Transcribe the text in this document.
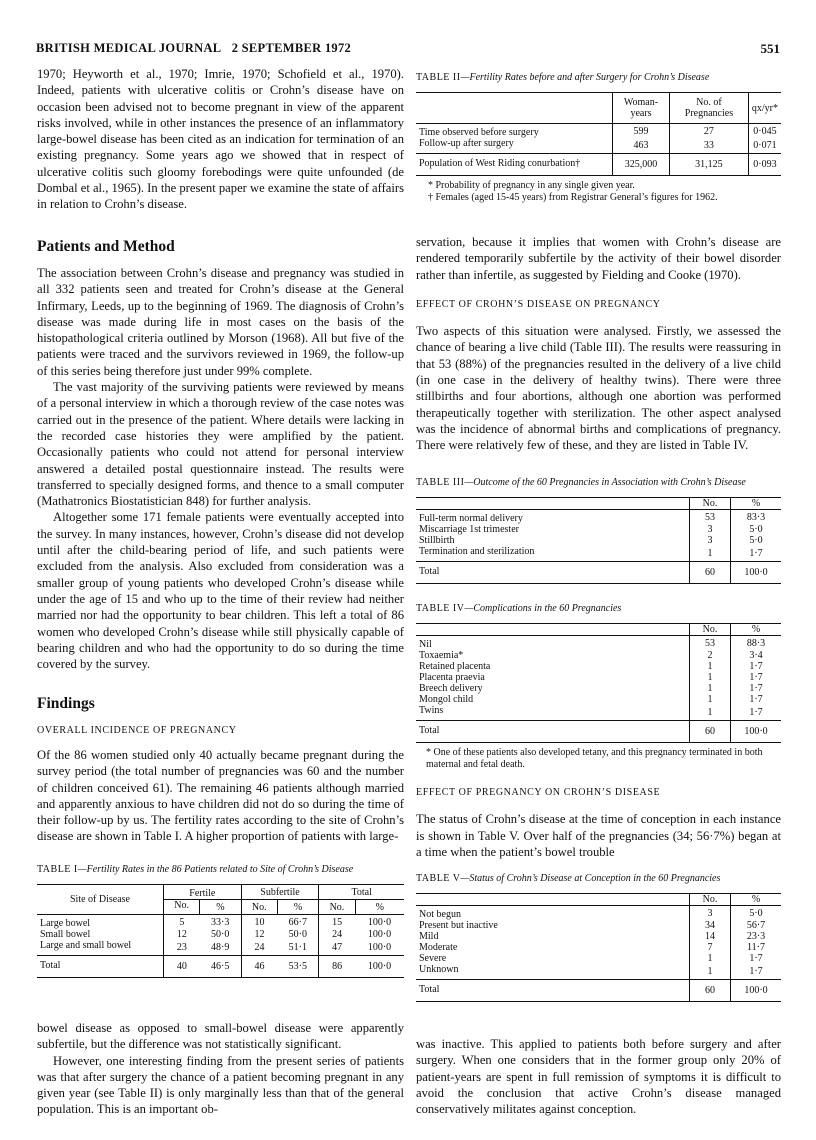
BRITISH MEDICAL JOURNAL 2 SEPTEMBER 1972	551

1970; Heyworth et al., 1970; Imrie, 1970; Schofield et al., 1970). Indeed, patients with ulcerative colitis or Crohn’s disease have on occasion been advised not to become pregnant in view of the apparent risks involved, while in other instances the presence of an inflammatory large-bowel disease has been cited as an indication for termination of an existing pregnancy. Some years ago we showed that in respect of ulcerative colitis such gloomy forebodings were quite unfounded (de Dombal et al., 1965). In the present paper we examine the state of affairs in relation to Crohn’s disease.

Patients and Method

The association between Crohn’s disease and pregnancy was studied in all 332 patients seen and treated for Crohn’s disease at the General Infirmary, Leeds, up to the beginning of 1969. The diagnosis of Crohn’s disease was made during life in most cases on the basis of the histopathological criteria outlined by Morson (1968). All but five of the patients were traced and the survivors reviewed in 1969, the follow-up of this series being therefore just under 99% complete.

The vast majority of the surviving patients were reviewed by means of a personal interview in which a thorough review of the case notes was carried out in the presence of the patient. Where details were lacking in the recorded case histories they were amplified by the patient. Occasionally patients who could not attend for personal interview answered a detailed postal questionnaire instead. The results were transferred to specially designed forms, and thence to a small computer (Mathatronics Biostatistician 848) for further analysis.

Altogether some 171 female patients were eventually accepted into the survey. In many instances, however, Crohn’s disease did not develop until after the child-bearing period of life, and such patients were excluded from the analysis. Also excluded from consideration was a smaller group of young patients who developed Crohn’s disease while under the age of 15 and who up to the time of their review had neither married nor had the opportunity to bear children. This left a total of 86 women who developed Crohn’s disease while still physically capable of bearing children and who had the opportunity to do so during the time covered by the survey.

Findings
OVERALL INCIDENCE OF PREGNANCY

Of the 86 women studied only 40 actually became pregnant during the survey period (the total number of pregnancies was 60 and the number of children conceived 61). The remaining 46 patients although married and apparently anxious to have children did not do so during the time of their follow-up by us. The fertility rates according to the site of Crohn’s disease are shown in Table I. A higher proportion of patients with large-

TABLE I—Fertility Rates in the 86 Patients related to Site of Crohn’s Disease
Site of Disease	Fertile		Subfertile		Total	
	No.	%	No.	%	No.	%
Large bowel	5	33·3	10	66·7	15	100·0
Small bowel	12	50·0	12	50·0	24	100·0
Large and small bowel	23	48·9	24	51·1	47	100·0
Total	40	46·5	46	53·5	86	100·0

bowel disease as opposed to small-bowel disease were apparently subfertile, but the difference was not statistically significant.

However, one interesting finding from the present series of patients was that after surgery the chance of a patient becoming pregnant in any given year (see Table II) is only marginally less than that of the general population. This is an important ob-

TABLE II—Fertility Rates before and after Surgery for Crohn’s Disease
	Woman-years	No. of Pregnancies	qx/yr*
Time observed before surgery	599	27	0·045
Follow-up after surgery	463	33	0·071
Population of West Riding conurbation†	325,000	31,125	0·093
* Probability of pregnancy in any single given year.
† Females (aged 15-45 years) from Registrar General’s figures for 1962.

servation, because it implies that women with Crohn’s disease are rendered temporarily subfertile by the activity of their bowel disorder rather than infertile, as suggested by Fielding and Cooke (1970).

EFFECT OF CROHN’S DISEASE ON PREGNANCY

Two aspects of this situation were analysed. Firstly, we assessed the chance of bearing a live child (Table III). The results were reassuring in that 53 (88%) of the pregnancies resulted in the delivery of a live child (in one case in the delivery of healthy twins). There were three stillbirths and four abortions, although one abortion was performed therapeutically together with sterilization. The other aspect analysed was the incidence of abnormal births and complications of pregnancy. There were relatively few of these, and they are listed in Table IV.

TABLE III—Outcome of the 60 Pregnancies in Association with Crohn’s Disease
	No.	%
Full-term normal delivery	53	83·3
Miscarriage 1st trimester	3	5·0
Stillbirth	3	5·0
Termination and sterilization	1	1·7
Total	60	100·0
TABLE IV—Complications in the 60 Pregnancies
	No.	%
Nil	53	88·3
Toxaemia*	2	3·4
Retained placenta	1	1·7
Placenta praevia	1	1·7
Breech delivery	1	1·7
Mongol child	1	1·7
Twins	1	1·7
Total	60	100·0
* One of these patients also developed tetany, and this pregnancy terminated in both maternal and fetal death.
EFFECT OF PREGNANCY ON CROHN’S DISEASE

The status of Crohn’s disease at the time of conception in each instance is shown in Table V. Over half of the pregnancies (34; 56·7%) began at a time when the patient’s bowel trouble

TABLE V—Status of Crohn’s Disease at Conception in the 60 Pregnancies
	No.	%
Not begun	3	5·0
Present but inactive	34	56·7
Mild	14	23·3
Moderate	7	11·7
Severe	1	1·7
Unknown	1	1·7
Total	60	100·0

was inactive. This applied to patients both before surgery and after surgery. When one considers that in the former group only 20% of patient-years are spent in full remission of symptoms it is difficult to avoid the conclusion that active Crohn’s disease managed conservatively militates against conception.
